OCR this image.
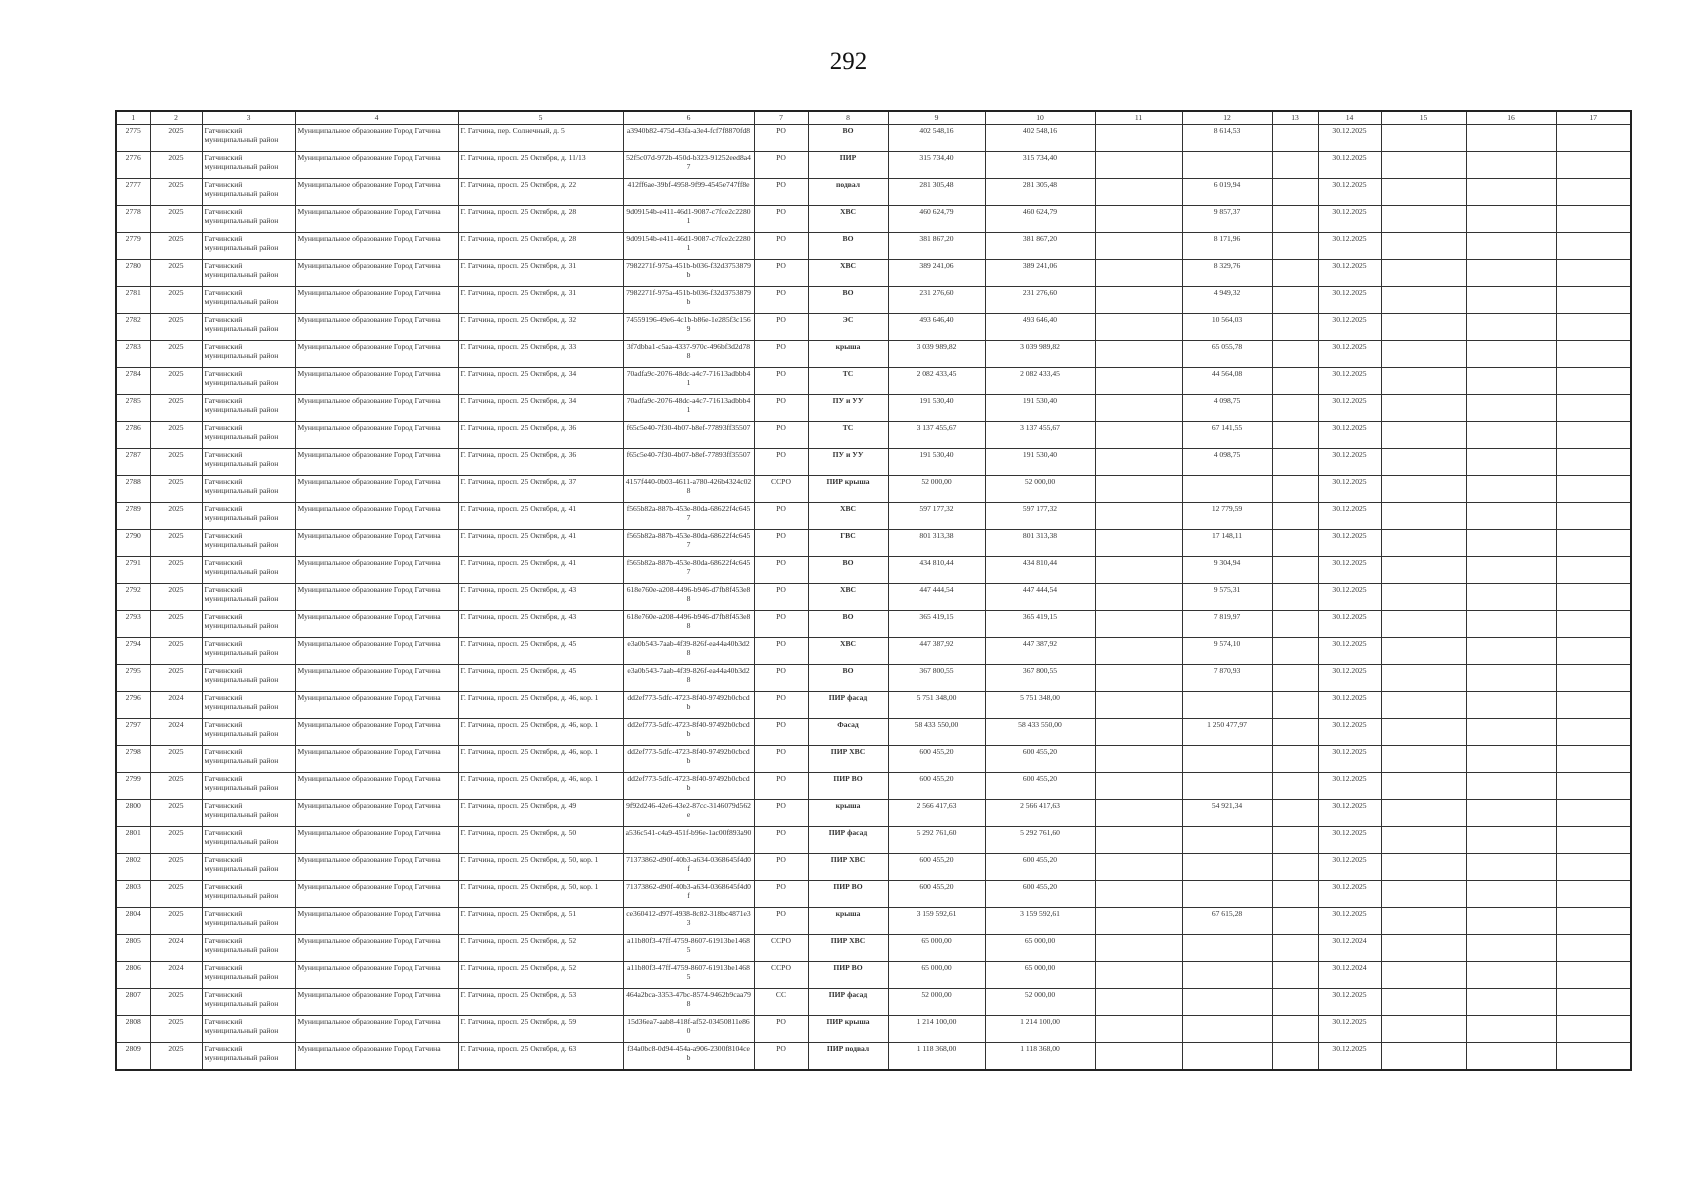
292
1	2	3	4	5	6	7	8	9	10	11	12	13	14	15	16	17
2775	2025	Гатчинский муниципальный район	Муниципальное образование Город Гатчина	Г. Гатчина, пер. Солнечный, д. 5	a3940b82-475d-43fa-a3e4-fcf7f8870fd8	РО	ВО	402 548,16	402 548,16		8 614,53		30.12.2025			
2776	2025	Гатчинский муниципальный район	Муниципальное образование Город Гатчина	Г. Гатчина, просп. 25 Октября, д. 11/13	52f5c07d-972b-450d-b323-91252eed8a47	РО	ПИР	315 734,40	315 734,40				30.12.2025			
2777	2025	Гатчинский муниципальный район	Муниципальное образование Город Гатчина	Г. Гатчина, просп. 25 Октября, д. 22	412ff6ae-39bf-4958-9f99-4545e747ff8e	РО	подвал	281 305,48	281 305,48		6 019,94		30.12.2025			
2778	2025	Гатчинский муниципальный район	Муниципальное образование Город Гатчина	Г. Гатчина, просп. 25 Октября, д. 28	9d09154b-e411-46d1-9087-c7fce2c22801	РО	ХВС	460 624,79	460 624,79		9 857,37		30.12.2025			
2779	2025	Гатчинский муниципальный район	Муниципальное образование Город Гатчина	Г. Гатчина, просп. 25 Октября, д. 28	9d09154b-e411-46d1-9087-c7fce2c22801	РО	ВО	381 867,20	381 867,20		8 171,96		30.12.2025			
2780	2025	Гатчинский муниципальный район	Муниципальное образование Город Гатчина	Г. Гатчина, просп. 25 Октября, д. 31	7982271f-975a-451b-b036-f32d3753879b	РО	ХВС	389 241,06	389 241,06		8 329,76		30.12.2025			
2781	2025	Гатчинский муниципальный район	Муниципальное образование Город Гатчина	Г. Гатчина, просп. 25 Октября, д. 31	7982271f-975a-451b-b036-f32d3753879b	РО	ВО	231 276,60	231 276,60		4 949,32		30.12.2025			
2782	2025	Гатчинский муниципальный район	Муниципальное образование Город Гатчина	Г. Гатчина, просп. 25 Октября, д. 32	74559196-49e6-4c1b-b86e-1e285f3c1569	РО	ЭС	493 646,40	493 646,40		10 564,03		30.12.2025			
2783	2025	Гатчинский муниципальный район	Муниципальное образование Город Гатчина	Г. Гатчина, просп. 25 Октября, д. 33	3f7dbba1-c5aa-4337-970c-496bf3d2d788	РО	крыша	3 039 989,82	3 039 989,82		65 055,78		30.12.2025			
2784	2025	Гатчинский муниципальный район	Муниципальное образование Город Гатчина	Г. Гатчина, просп. 25 Октября, д. 34	70adfa9c-2076-48dc-a4c7-71613adbbb41	РО	ТС	2 082 433,45	2 082 433,45		44 564,08		30.12.2025			
2785	2025	Гатчинский муниципальный район	Муниципальное образование Город Гатчина	Г. Гатчина, просп. 25 Октября, д. 34	70adfa9c-2076-48dc-a4c7-71613adbbb41	РО	ПУ и УУ	191 530,40	191 530,40		4 098,75		30.12.2025			
2786	2025	Гатчинский муниципальный район	Муниципальное образование Город Гатчина	Г. Гатчина, просп. 25 Октября, д. 36	f65c5e40-7f30-4b07-b8ef-77893ff35507	РО	ТС	3 137 455,67	3 137 455,67		67 141,55		30.12.2025			
2787	2025	Гатчинский муниципальный район	Муниципальное образование Город Гатчина	Г. Гатчина, просп. 25 Октября, д. 36	f65c5e40-7f30-4b07-b8ef-77893ff35507	РО	ПУ и УУ	191 530,40	191 530,40		4 098,75		30.12.2025			
2788	2025	Гатчинский муниципальный район	Муниципальное образование Город Гатчина	Г. Гатчина, просп. 25 Октября, д. 37	4157f440-0b03-4611-a780-426b4324c028	ССРО	ПИР крыша	52 000,00	52 000,00				30.12.2025			
2789	2025	Гатчинский муниципальный район	Муниципальное образование Город Гатчина	Г. Гатчина, просп. 25 Октября, д. 41	f565b82a-887b-453e-80da-68622f4c6457	РО	ХВС	597 177,32	597 177,32		12 779,59		30.12.2025			
2790	2025	Гатчинский муниципальный район	Муниципальное образование Город Гатчина	Г. Гатчина, просп. 25 Октября, д. 41	f565b82a-887b-453e-80da-68622f4c6457	РО	ГВС	801 313,38	801 313,38		17 148,11		30.12.2025			
2791	2025	Гатчинский муниципальный район	Муниципальное образование Город Гатчина	Г. Гатчина, просп. 25 Октября, д. 41	f565b82a-887b-453e-80da-68622f4c6457	РО	ВО	434 810,44	434 810,44		9 304,94		30.12.2025			
2792	2025	Гатчинский муниципальный район	Муниципальное образование Город Гатчина	Г. Гатчина, просп. 25 Октября, д. 43	618e760e-a208-4496-b946-d7fb8f453e88	РО	ХВС	447 444,54	447 444,54		9 575,31		30.12.2025			
2793	2025	Гатчинский муниципальный район	Муниципальное образование Город Гатчина	Г. Гатчина, просп. 25 Октября, д. 43	618e760e-a208-4496-b946-d7fb8f453e88	РО	ВО	365 419,15	365 419,15		7 819,97		30.12.2025			
2794	2025	Гатчинский муниципальный район	Муниципальное образование Город Гатчина	Г. Гатчина, просп. 25 Октября, д. 45	e3a0b543-7aab-4f39-826f-ea44a40b3d28	РО	ХВС	447 387,92	447 387,92		9 574,10		30.12.2025			
2795	2025	Гатчинский муниципальный район	Муниципальное образование Город Гатчина	Г. Гатчина, просп. 25 Октября, д. 45	e3a0b543-7aab-4f39-826f-ea44a40b3d28	РО	ВО	367 800,55	367 800,55		7 870,93		30.12.2025			
2796	2024	Гатчинский муниципальный район	Муниципальное образование Город Гатчина	Г. Гатчина, просп. 25 Октября, д. 46, кор. 1	dd2ef773-5dfc-4723-8f40-97492b0cbcdb	РО	ПИР фасад	5 751 348,00	5 751 348,00				30.12.2025			
2797	2024	Гатчинский муниципальный район	Муниципальное образование Город Гатчина	Г. Гатчина, просп. 25 Октября, д. 46, кор. 1	dd2ef773-5dfc-4723-8f40-97492b0cbcdb	РО	Фасад	58 433 550,00	58 433 550,00		1 250 477,97		30.12.2025			
2798	2025	Гатчинский муниципальный район	Муниципальное образование Город Гатчина	Г. Гатчина, просп. 25 Октября, д. 46, кор. 1	dd2ef773-5dfc-4723-8f40-97492b0cbcdb	РО	ПИР ХВС	600 455,20	600 455,20				30.12.2025			
2799	2025	Гатчинский муниципальный район	Муниципальное образование Город Гатчина	Г. Гатчина, просп. 25 Октября, д. 46, кор. 1	dd2ef773-5dfc-4723-8f40-97492b0cbcdb	РО	ПИР ВО	600 455,20	600 455,20				30.12.2025			
2800	2025	Гатчинский муниципальный район	Муниципальное образование Город Гатчина	Г. Гатчина, просп. 25 Октября, д. 49	9f92d246-42e6-43e2-87cc-3146079d562e	РО	крыша	2 566 417,63	2 566 417,63		54 921,34		30.12.2025			
2801	2025	Гатчинский муниципальный район	Муниципальное образование Город Гатчина	Г. Гатчина, просп. 25 Октября, д. 50	a536c541-c4a9-451f-b96e-1ac00f893a90	РО	ПИР фасад	5 292 761,60	5 292 761,60				30.12.2025			
2802	2025	Гатчинский муниципальный район	Муниципальное образование Город Гатчина	Г. Гатчина, просп. 25 Октября, д. 50, кор. 1	71373862-d90f-40b3-a634-0368645f4d0f	РО	ПИР ХВС	600 455,20	600 455,20				30.12.2025			
2803	2025	Гатчинский муниципальный район	Муниципальное образование Город Гатчина	Г. Гатчина, просп. 25 Октября, д. 50, кор. 1	71373862-d90f-40b3-a634-0368645f4d0f	РО	ПИР ВО	600 455,20	600 455,20				30.12.2025			
2804	2025	Гатчинский муниципальный район	Муниципальное образование Город Гатчина	Г. Гатчина, просп. 25 Октября, д. 51	ce360412-d97f-4938-8c82-318bc4871e33	РО	крыша	3 159 592,61	3 159 592,61		67 615,28		30.12.2025			
2805	2024	Гатчинский муниципальный район	Муниципальное образование Город Гатчина	Г. Гатчина, просп. 25 Октября, д. 52	a11b80f3-47ff-4759-8607-61913be14685	ССРО	ПИР ХВС	65 000,00	65 000,00				30.12.2024			
2806	2024	Гатчинский муниципальный район	Муниципальное образование Город Гатчина	Г. Гатчина, просп. 25 Октября, д. 52	a11b80f3-47ff-4759-8607-61913be14685	ССРО	ПИР ВО	65 000,00	65 000,00				30.12.2024			
2807	2025	Гатчинский муниципальный район	Муниципальное образование Город Гатчина	Г. Гатчина, просп. 25 Октября, д. 53	464a2bca-3353-47bc-8574-9462b9caa798	СС	ПИР фасад	52 000,00	52 000,00				30.12.2025			
2808	2025	Гатчинский муниципальный район	Муниципальное образование Город Гатчина	Г. Гатчина, просп. 25 Октября, д. 59	15d36ea7-aab8-418f-af52-03450811e860	РО	ПИР крыша	1 214 100,00	1 214 100,00				30.12.2025			
2809	2025	Гатчинский муниципальный район	Муниципальное образование Город Гатчина	Г. Гатчина, просп. 25 Октября, д. 63	f34a0bc8-0d94-454a-a906-2300f8104ceb	РО	ПИР подвал	1 118 368,00	1 118 368,00				30.12.2025			
